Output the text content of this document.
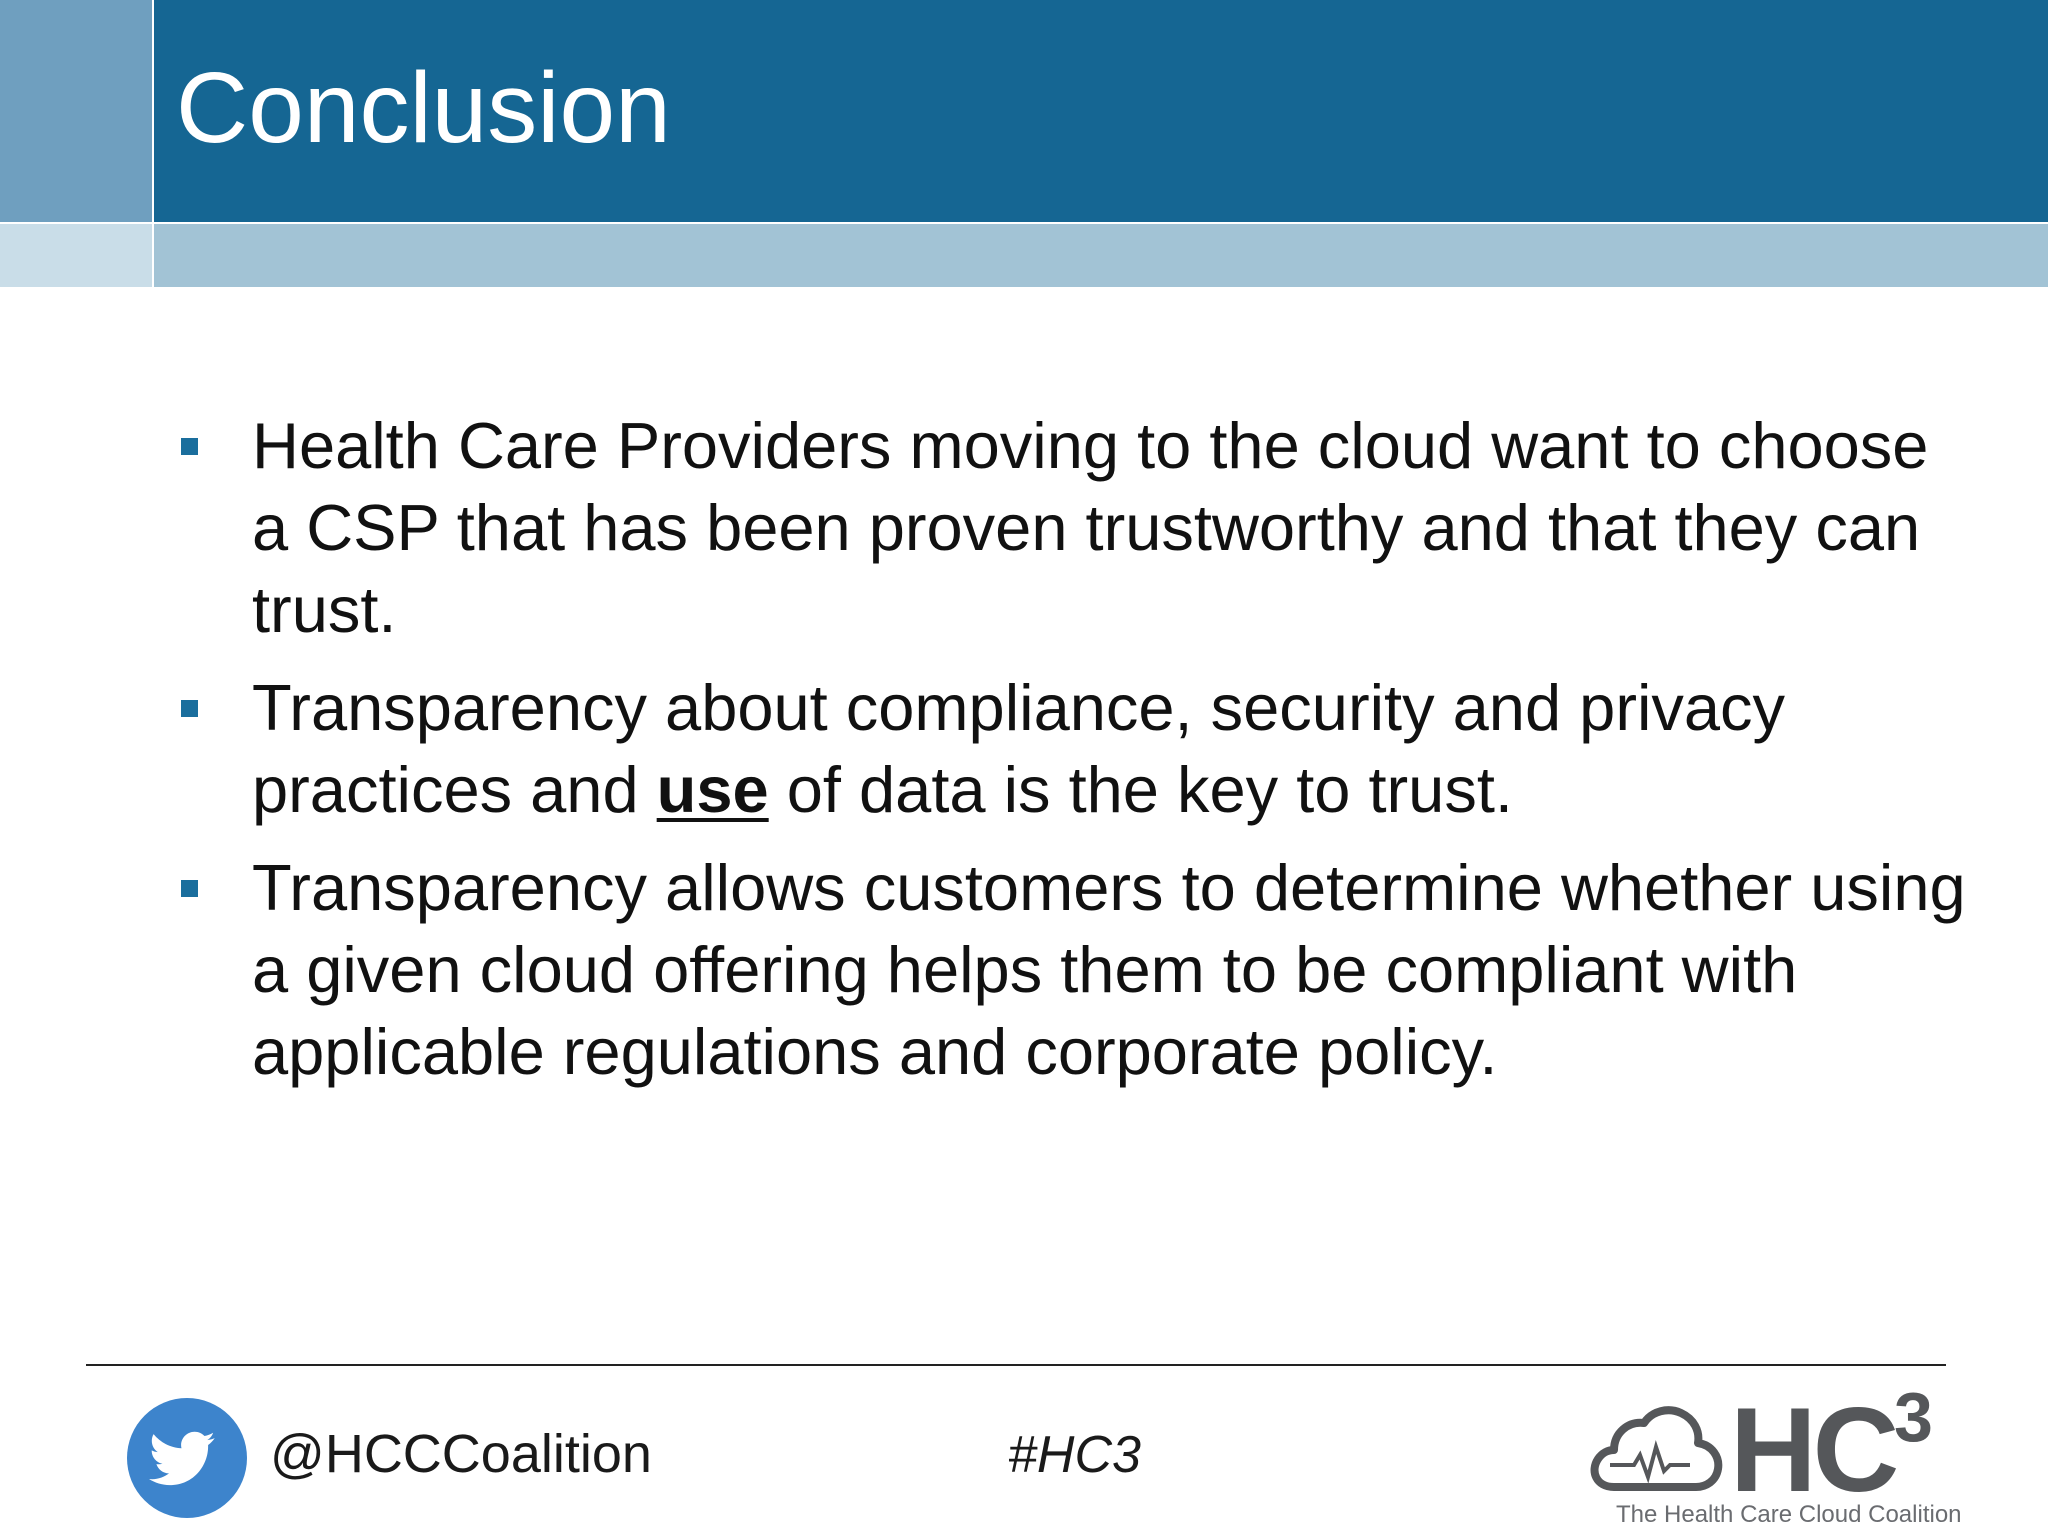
Conclusion
Health Care Providers moving to the cloud want to choose a CSP that has been proven trustworthy and that they can trust.
Transparency about compliance, security and privacy practices and use of data is the key to trust.
Transparency allows customers to determine whether using a given cloud offering helps them to be compliant with applicable regulations and corporate policy.
@HCCCoalition	#HC3	HC
3
The Health Care Cloud Coalition
